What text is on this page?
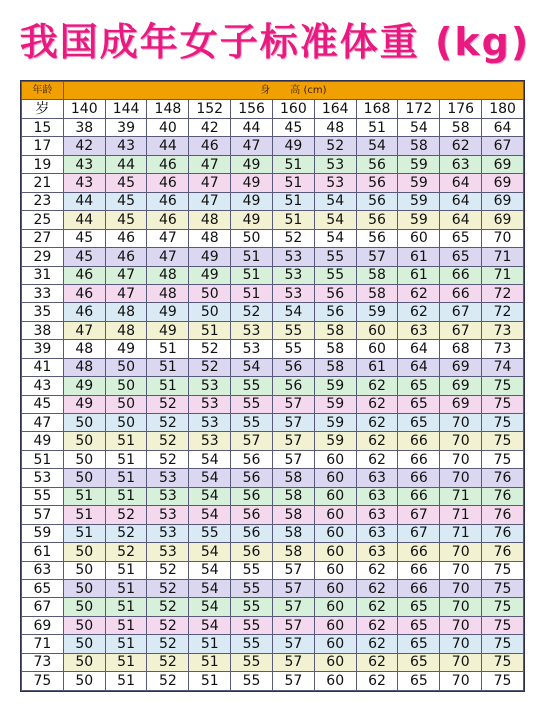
我国成年女子标准体重 (kg)
年龄	身　　高 (cm)										
岁	140	144	148	152	156	160	164	168	172	176	180
15	38	39	40	42	44	45	48	51	54	58	64
17	42	43	44	46	47	49	52	54	58	62	67
19	43	44	46	47	49	51	53	56	59	63	69
21	43	45	46	47	49	51	53	56	59	64	69
23	44	45	46	47	49	51	54	56	59	64	69
25	44	45	46	48	49	51	54	56	59	64	69
27	45	46	47	48	50	52	54	56	60	65	70
29	45	46	47	49	51	53	55	57	61	65	71
31	46	47	48	49	51	53	55	58	61	66	71
33	46	47	48	50	51	53	56	58	62	66	72
35	46	48	49	50	52	54	56	59	62	67	72
38	47	48	49	51	53	55	58	60	63	67	73
39	48	49	51	52	53	55	58	60	64	68	73
41	48	50	51	52	54	56	58	61	64	69	74
43	49	50	51	53	55	56	59	62	65	69	75
45	49	50	52	53	55	57	59	62	65	69	75
47	50	50	52	53	55	57	59	62	65	70	75
49	50	51	52	53	57	57	59	62	66	70	75
51	50	51	52	54	56	57	60	62	66	70	75
53	50	51	53	54	56	58	60	63	66	70	76
55	51	51	53	54	56	58	60	63	66	71	76
57	51	52	53	54	56	58	60	63	67	71	76
59	51	52	53	55	56	58	60	63	67	71	76
61	50	52	53	54	56	58	60	63	66	70	76
63	50	51	52	54	55	57	60	62	66	70	75
65	50	51	52	54	55	57	60	62	66	70	75
67	50	51	52	54	55	57	60	62	65	70	75
69	50	51	52	54	55	57	60	62	65	70	75
71	50	51	52	51	55	57	60	62	65	70	75
73	50	51	52	51	55	57	60	62	65	70	75
75	50	51	52	51	55	57	60	62	65	70	75
